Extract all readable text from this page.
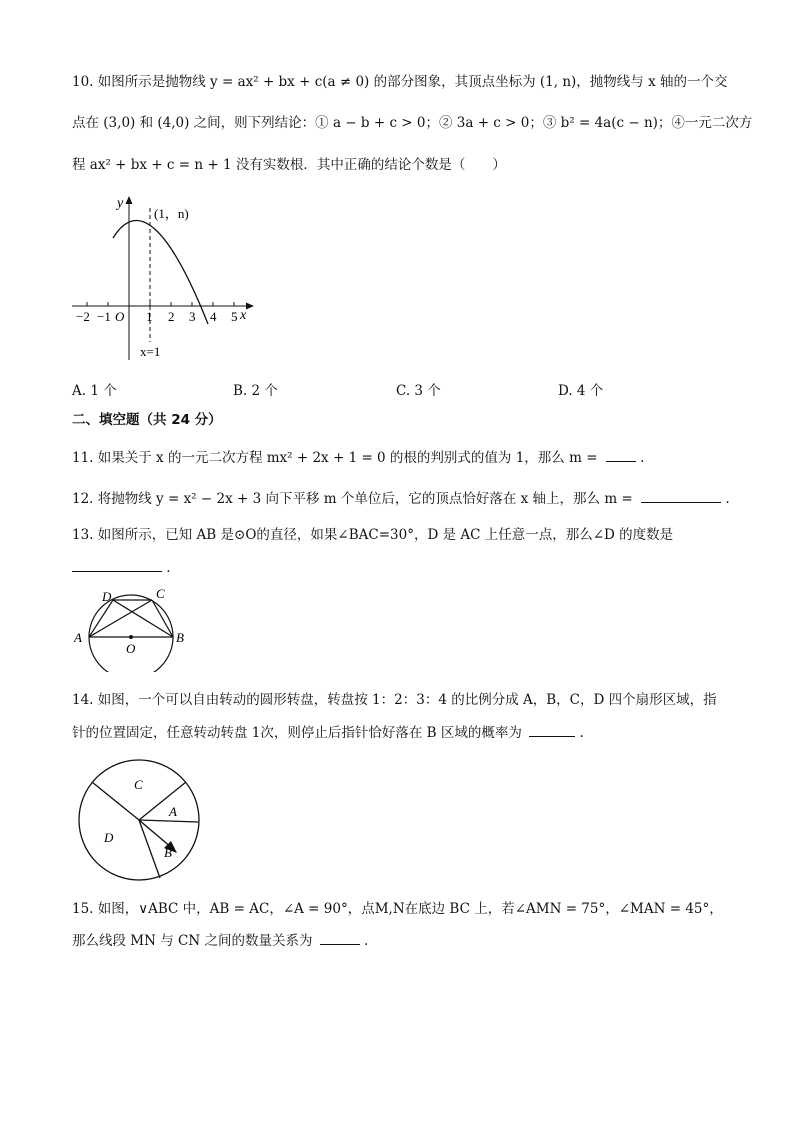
10. 如图所示是抛物线 y = ax² + bx + c(a ≠ 0) 的部分图象，其顶点坐标为 (1, n)，抛物线与 x 轴的一个交
点在 (3,0) 和 (4,0) 之间，则下列结论：① a − b + c > 0；② 3a + c > 0；③ b² = 4a(c − n)；④一元二次方
程 ax² + bx + c = n + 1 没有实数根．其中正确的结论个数是（　　）
y
(1，n)
x
−2 −1 O 1 2 3 4 5
x=1
A. 1 个	B. 2 个	C. 3 个	D. 4 个
二、填空题（共 24 分）
11. 如果关于 x 的一元二次方程 mx² + 2x + 1 = 0 的根的判别式的值为 1，那么 m =	.
12. 将抛物线 y = x² − 2x + 3 向下平移 m 个单位后，它的顶点恰好落在 x 轴上，那么 m =	.
13. 如图所示，已知 AB 是⊙O的直径，如果∠BAC=30°，D 是 AC 上任意一点，那么∠D 的度数是
.
D	C
A
O
B
14. 如图，一个可以自由转动的圆形转盘，转盘按 1：2：3：4 的比例分成 A，B，C，D 四个扇形区域，指
针的位置固定，任意转动转盘 1次，则停止后指针恰好落在 B 区域的概率为	.
C
A
D
B
15. 如图，∨ABC 中，AB = AC，∠A = 90°，点M,N在底边 BC 上，若∠AMN = 75°，∠MAN = 45°，
那么线段 MN 与 CN 之间的数量关系为	.
